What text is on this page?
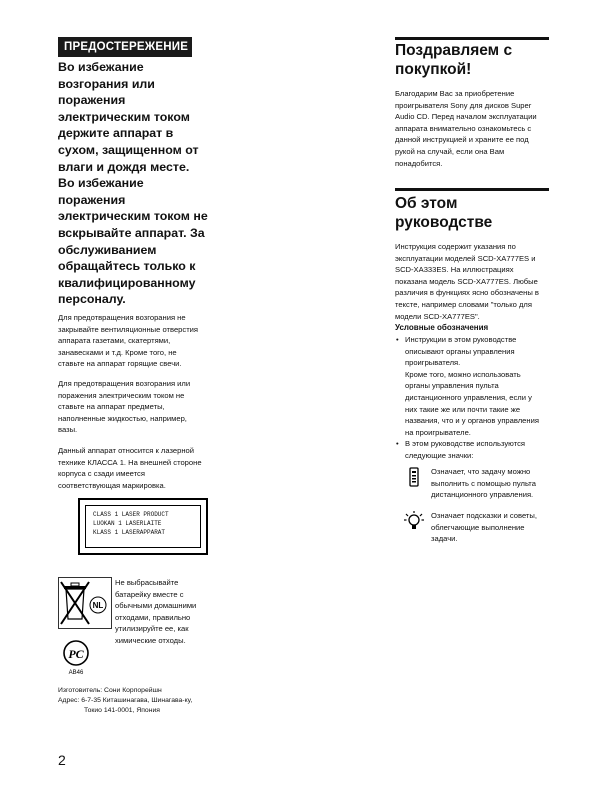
ПРЕДОСТЕРЕЖЕНИЕ
Во избежание
возгорания или
поражения
электрическим током
держите аппарат в
сухом, защищенном от
влаги и дождя месте.
Во избежание
поражения
электрическим током не
вскрывайте аппарат. За
обслуживанием
обращайтесь только к
квалифицированному
персоналу.
Для предотвращения возгорания не
закрывайте вентиляционные отверстия
аппарата газетами, скатертями,
занавесками и т.д. Кроме того, не
ставьте на аппарат горящие свечи.
Для предотвращения возгорания или
поражения электрическим током не
ставьте на аппарат предметы,
наполненные жидкостью, например,
вазы.
Данный аппарат относится к лазерной
технике КЛАССА 1. На внешней стороне
корпуса с сзади имеется
соответствующая маркировка.
CLASS 1 LASER PRODUCT
LUOKAN 1 LASERLAITE
KLASS 1 LASERAPPARAT
NL
Не выбрасывайте
батарейку вместе с
обычными домашними
отходами, правильно
утилизируйте ее, как
химические отходы.
PC
AB46
Изготовитель: Сони Корпорейшн
Адрес: 6-7-35 Киташинагава, Шинагава-ку,
Токио 141-0001, Япония
2
Поздравляем с
покупкой!
Благодарим Вас за приобретение
проигрывателя Sony для дисков Super
Audio CD. Перед началом эксплуатации
аппарата внимательно ознакомьтесь с
данной инструкцией и храните ее под
рукой на случай, если она Вам
понадобится.
Об этом
руководстве
Инструкция содержит указания по
эксплуатации моделей SCD-XA777ES и
SCD-XA333ES. На иллюстрациях
показана модель SCD-XA777ES. Любые
различия в функциях ясно обозначены в
тексте, например словами "только для
модели SCD-XA777ES".
Условные обозначения
• Инструкции в этом руководстве
описывают органы управления
проигрывателя.
Кроме того, можно использовать
органы управления пульта
дистанционного управления, если у
них такие же или почти такие же
названия, что и у органов управления
на проигрывателе.
• В этом руководстве используются
следующие значки:
Означает, что задачу можно
выполнить с помощью пульта
дистанционного управления.
Означает подсказки и советы,
облегчающие выполнение
задачи.
